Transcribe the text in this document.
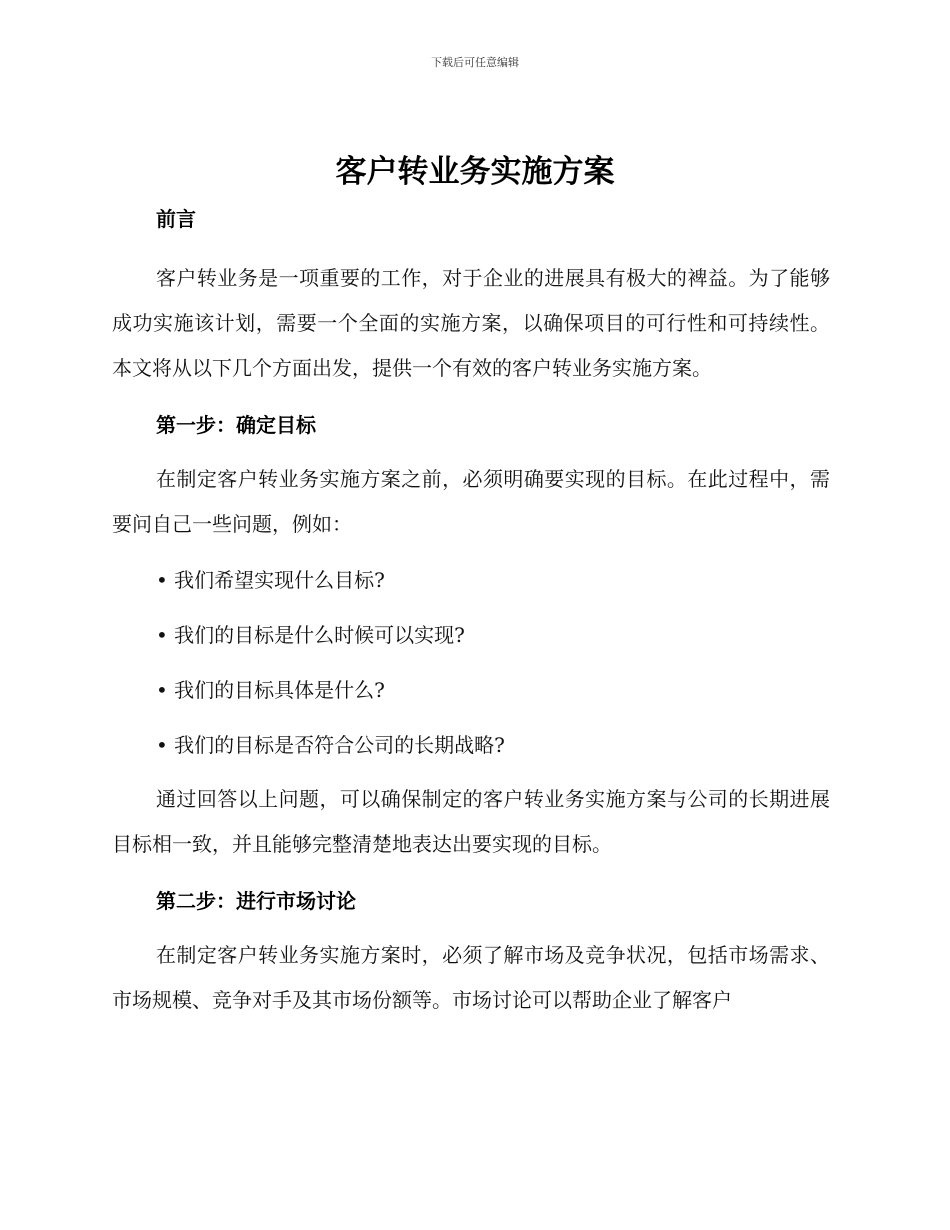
下载后可任意编辑
客户转业务实施方案
前言

客户转业务是一项重要的工作，对于企业的进展具有极大的裨益。为了能够成功实施该计划，需要一个全面的实施方案，以确保项目的可行性和可持续性。本文将从以下几个方面出发，提供一个有效的客户转业务实施方案。

第一步：确定目标

在制定客户转业务实施方案之前，必须明确要实现的目标。在此过程中，需要问自己一些问题，例如：

• 我们希望实现什么目标?
• 我们的目标是什么时候可以实现?
• 我们的目标具体是什么?
• 我们的目标是否符合公司的长期战略?

通过回答以上问题，可以确保制定的客户转业务实施方案与公司的长期进展目标相一致，并且能够完整清楚地表达出要实现的目标。

第二步：进行市场讨论

在制定客户转业务实施方案时，必须了解市场及竞争状况，包括市场需求、市场规模、竞争对手及其市场份额等。市场讨论可以帮助企业了解客户
